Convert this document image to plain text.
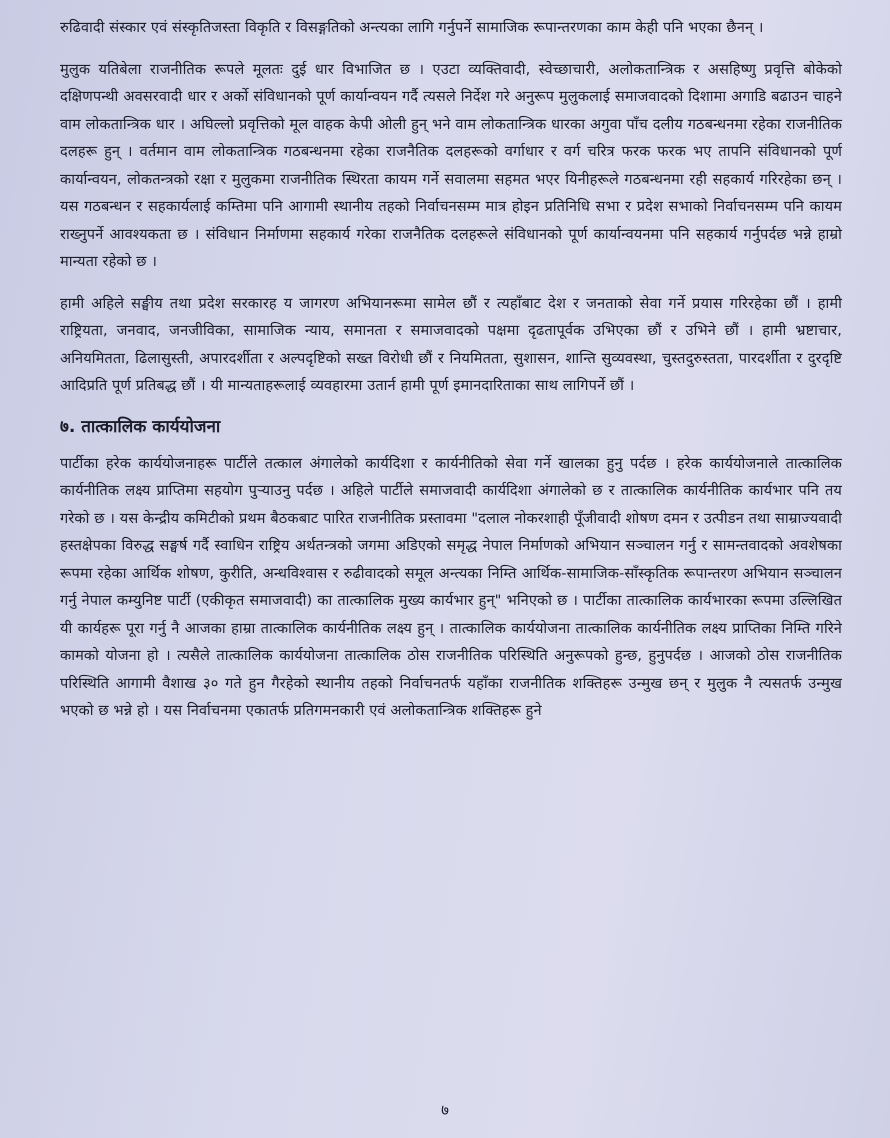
रुढिवादी संस्कार एवं संस्कृतिजस्ता विकृति र विसङ्गतिको अन्त्यका लागि गर्नुपर्ने सामाजिक रूपान्तरणका काम केही पनि भएका छैनन् ।

मुलुक यतिबेला राजनीतिक रूपले मूलतः दुई धार विभाजित छ । एउटा व्यक्तिवादी, स्वेच्छाचारी, अलोकतान्त्रिक र असहिष्णु प्रवृत्ति बोकेको दक्षिणपन्थी अवसरवादी धार र अर्को संविधानको पूर्ण कार्यान्वयन गर्दै त्यसले निर्देश गरे अनुरूप मुलुकलाई समाजवादको दिशामा अगाडि बढाउन चाहने वाम लोकतान्त्रिक धार । अघिल्लो प्रवृत्तिको मूल वाहक केपी ओली हुन् भने वाम लोकतान्त्रिक धारका अगुवा पाँच दलीय गठबन्धनमा रहेका राजनीतिक दलहरू हुन् । वर्तमान वाम लोकतान्त्रिक गठबन्धनमा रहेका राजनैतिक दलहरूको वर्गाधार र वर्ग चरित्र फरक फरक भए तापनि संविधानको पूर्ण कार्यान्वयन, लोकतन्त्रको रक्षा र मुलुकमा राजनीतिक स्थिरता कायम गर्ने सवालमा सहमत भएर यिनीहरूले गठबन्धनमा रही सहकार्य गरिरहेका छन् । यस गठबन्धन र सहकार्यलाई कम्तिमा पनि आगामी स्थानीय तहको निर्वाचनसम्म मात्र होइन प्रतिनिधि सभा र प्रदेश सभाको निर्वाचनसम्म पनि कायम राख्नुपर्ने आवश्यकता छ । संविधान निर्माणमा सहकार्य गरेका राजनैतिक दलहरूले संविधानको पूर्ण कार्यान्वयनमा पनि सहकार्य गर्नुपर्दछ भन्ने हाम्रो मान्यता रहेको छ ।

हामी अहिले सङ्घीय तथा प्रदेश सरकारह य जागरण अभियानरूमा सामेल छौं र त्यहाँबाट देश र जनताको सेवा गर्ने प्रयास गरिरहेका छौं । हामी राष्ट्रियता, जनवाद, जनजीविका, सामाजिक न्याय, समानता र समाजवादको पक्षमा दृढतापूर्वक उभिएका छौं र उभिने छौं । हामी भ्रष्टाचार, अनियमितता, ढिलासुस्ती, अपारदर्शीता र अल्पदृष्टिको सख्त विरोधी छौं र नियमितता, सुशासन, शान्ति सुव्यवस्था, चुस्तदुरुस्तता, पारदर्शीता र दुरदृष्टि आदिप्रति पूर्ण प्रतिबद्ध छौं । यी मान्यताहरूलाई व्यवहारमा उतार्न हामी पूर्ण इमानदारिताका साथ लागिपर्ने छौं ।

७. तात्कालिक कार्ययोजना

पार्टीका हरेक कार्ययोजनाहरू पार्टीले तत्काल अंगालेको कार्यदिशा र कार्यनीतिको सेवा गर्ने खालका हुनु पर्दछ । हरेक कार्ययोजनाले तात्कालिक कार्यनीतिक लक्ष्य प्राप्तिमा सहयोग पुऱ्याउनु पर्दछ । अहिले पार्टीले समाजवादी कार्यदिशा अंगालेको छ र तात्कालिक कार्यनीतिक कार्यभार पनि तय गरेको छ । यस केन्द्रीय कमिटीको प्रथम बैठकबाट पारित राजनीतिक प्रस्तावमा "दलाल नोकरशाही पूँजीवादी शोषण दमन र उत्पीडन तथा साम्राज्यवादी हस्तक्षेपका विरुद्ध सङ्घर्ष गर्दै स्वाधिन राष्ट्रिय अर्थतन्त्रको जगमा अडिएको समृद्ध नेपाल निर्माणको अभियान सञ्चालन गर्नु र सामन्तवादको अवशेषका रूपमा रहेका आर्थिक शोषण, कुरीति, अन्धविश्वास र रुढीवादको समूल अन्त्यका निम्ति आर्थिक-सामाजिक-साँस्कृतिक रूपान्तरण अभियान सञ्चालन गर्नु नेपाल कम्युनिष्ट पार्टी (एकीकृत समाजवादी) का तात्कालिक मुख्य कार्यभार हुन्" भनिएको छ । पार्टीका तात्कालिक कार्यभारका रूपमा उल्लिखित यी कार्यहरू पूरा गर्नु नै आजका हाम्रा तात्कालिक कार्यनीतिक लक्ष्य हुन् । तात्कालिक कार्ययोजना तात्कालिक कार्यनीतिक लक्ष्य प्राप्तिका निम्ति गरिने कामको योजना हो । त्यसैले तात्कालिक कार्ययोजना तात्कालिक ठोस राजनीतिक परिस्थिति अनुरूपको हुन्छ, हुनुपर्दछ । आजको ठोस राजनीतिक परिस्थिति आगामी वैशाख ३० गते हुन गैरहेको स्थानीय तहको निर्वाचनतर्फ यहाँका राजनीतिक शक्तिहरू उन्मुख छन् र मुलुक नै त्यसतर्फ उन्मुख भएको छ भन्ने हो । यस निर्वाचनमा एकातर्फ प्रतिगमनकारी एवं अलोकतान्त्रिक शक्तिहरू हुने

७
